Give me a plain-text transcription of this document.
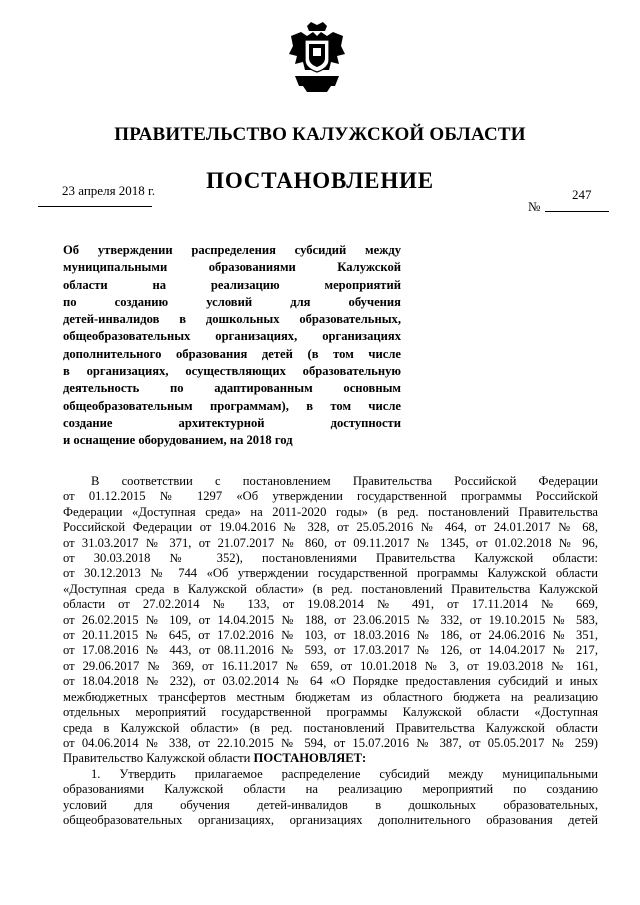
ПРАВИТЕЛЬСТВО КАЛУЖСКОЙ ОБЛАСТИ
ПОСТАНОВЛЕНИЕ
23 апреля 2018 г.	247
№
Об утверждении распределения субсидий между
муниципальными образованиями Калужской
области на реализацию мероприятий
по созданию условий для обучения
детей-инвалидов в дошкольных образовательных,
общеобразовательных организациях, организациях
дополнительного образования детей (в том числе
в организациях, осуществляющих образовательную
деятельность по адаптированным основным
общеобразовательным программам), в том числе
создание архитектурной доступности
и оснащение оборудованием, на 2018 год
В соответствии с постановлением Правительства Российской Федерации
от 01.12.2015 № 1297 «Об утверждении государственной программы Российской
Федерации «Доступная среда» на 2011-2020 годы» (в ред. постановлений Правительства
Российской Федерации от 19.04.2016 № 328, от 25.05.2016 № 464, от 24.01.2017 № 68,
от 31.03.2017 № 371, от 21.07.2017 № 860, от 09.11.2017 № 1345, от 01.02.2018 № 96,
от 30.03.2018 № 352), постановлениями Правительства Калужской области:
от 30.12.2013 № 744 «Об утверждении государственной программы Калужской области
«Доступная среда в Калужской области» (в ред. постановлений Правительства Калужской
области от 27.02.2014 № 133, от 19.08.2014 № 491, от 17.11.2014 № 669,
от 26.02.2015 № 109, от 14.04.2015 № 188, от 23.06.2015 № 332, от 19.10.2015 № 583,
от 20.11.2015 № 645, от 17.02.2016 № 103, от 18.03.2016 № 186, от 24.06.2016 № 351,
от 17.08.2016 № 443, от 08.11.2016 № 593, от 17.03.2017 № 126, от 14.04.2017 № 217,
от 29.06.2017 № 369, от 16.11.2017 № 659, от 10.01.2018 № 3, от 19.03.2018 № 161,
от 18.04.2018 № 232), от 03.02.2014 № 64 «О Порядке предоставления субсидий и иных
межбюджетных трансфертов местным бюджетам из областного бюджета на реализацию
отдельных мероприятий государственной программы Калужской области «Доступная
среда в Калужской области» (в ред. постановлений Правительства Калужской области
от 04.06.2014 № 338, от 22.10.2015 № 594, от 15.07.2016 № 387, от 05.05.2017 № 259)
Правительство Калужской области ПОСТАНОВЛЯЕТ:
1. Утвердить прилагаемое распределение субсидий между муниципальными
образованиями Калужской области на реализацию мероприятий по созданию
условий для обучения детей-инвалидов в дошкольных образовательных,
общеобразовательных организациях, организациях дополнительного образования детей
